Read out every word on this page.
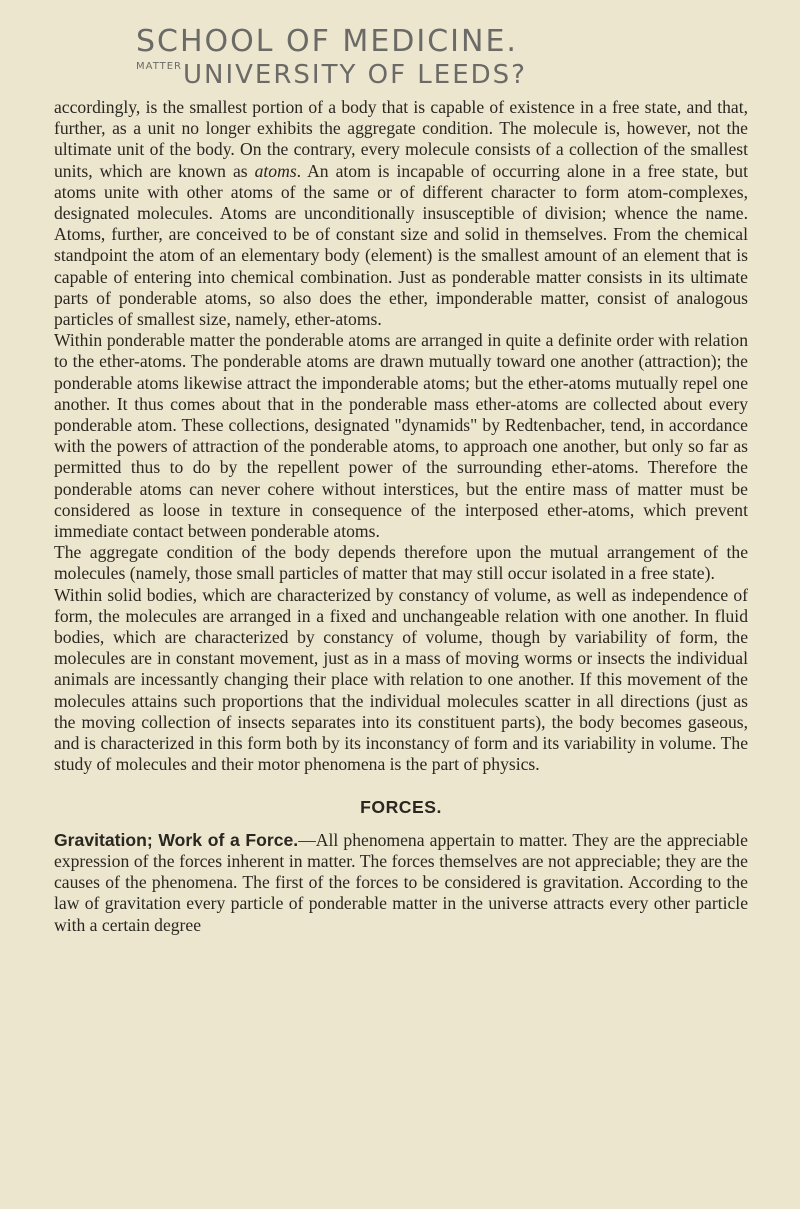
SCHOOL OF MEDICINE.
$^{MATTER}$UNIVERSITY OF LEEDS?

accordingly, is the smallest portion of a body that is capable of existence in a free state, and that, further, as a unit no longer exhibits the aggregate condition. The molecule is, however, not the ultimate unit of the body. On the contrary, every molecule consists of a collection of the smallest units, which are known as atoms. An atom is incapable of occurring alone in a free state, but atoms unite with other atoms of the same or of different character to form atom-complexes, designated molecules. Atoms are unconditionally insusceptible of division; whence the name. Atoms, further, are conceived to be of constant size and solid in themselves. From the chemical standpoint the atom of an elementary body (element) is the smallest amount of an element that is capable of entering into chemical combination. Just as ponderable matter consists in its ultimate parts of ponderable atoms, so also does the ether, imponderable matter, consist of analogous particles of smallest size, namely, ether-atoms.

Within ponderable matter the ponderable atoms are arranged in quite a definite order with relation to the ether-atoms. The ponderable atoms are drawn mutually toward one another (attraction); the ponderable atoms likewise attract the imponderable atoms; but the ether-atoms mutually repel one another. It thus comes about that in the ponderable mass ether-atoms are collected about every ponderable atom. These collections, designated "dynamids" by Redtenbacher, tend, in accordance with the powers of attraction of the ponderable atoms, to approach one another, but only so far as permitted thus to do by the repellent power of the surrounding ether-atoms. Therefore the ponderable atoms can never cohere without interstices, but the entire mass of matter must be considered as loose in texture in consequence of the interposed ether-atoms, which prevent immediate contact between ponderable atoms.

The aggregate condition of the body depends therefore upon the mutual arrangement of the molecules (namely, those small particles of matter that may still occur isolated in a free state).

Within solid bodies, which are characterized by constancy of volume, as well as independence of form, the molecules are arranged in a fixed and unchangeable relation with one another. In fluid bodies, which are characterized by constancy of volume, though by variability of form, the molecules are in constant movement, just as in a mass of moving worms or insects the individual animals are incessantly changing their place with relation to one another. If this movement of the molecules attains such proportions that the individual molecules scatter in all directions (just as the moving collection of insects separates into its constituent parts), the body becomes gaseous, and is characterized in this form both by its inconstancy of form and its variability in volume. The study of molecules and their motor phenomena is the part of physics.

FORCES.

Gravitation; Work of a Force.—All phenomena appertain to matter. They are the appreciable expression of the forces inherent in matter. The forces themselves are not appreciable; they are the causes of the phenomena. The first of the forces to be considered is gravitation. According to the law of gravitation every particle of ponderable matter in the universe attracts every other particle with a certain degree
